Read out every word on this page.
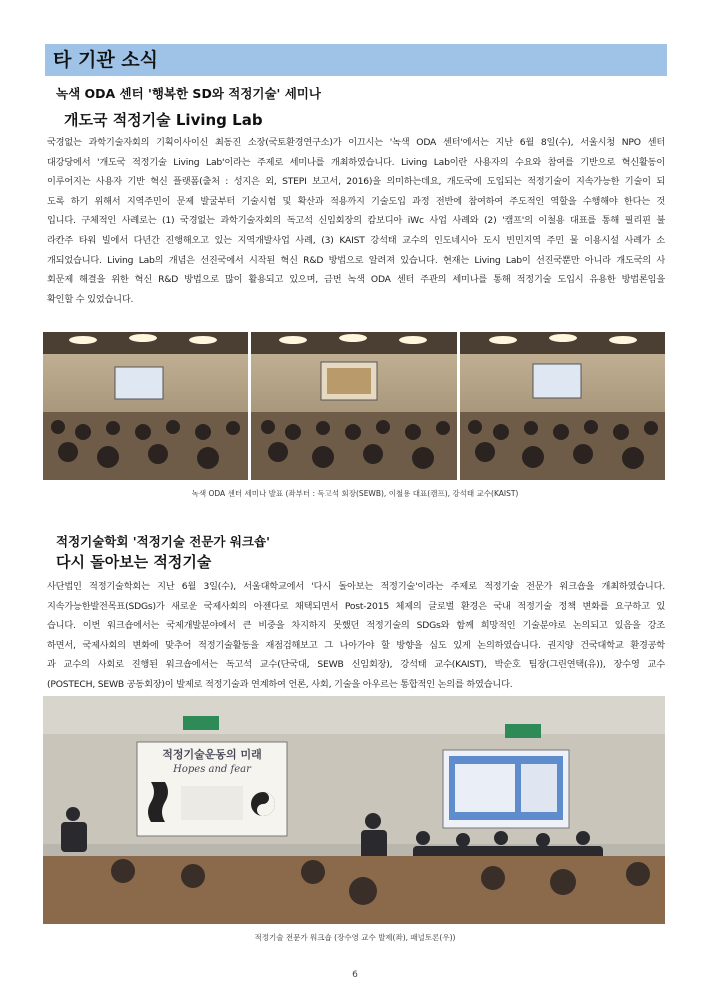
타 기관 소식
녹색 ODA 센터 '행복한 SD와 적정기술' 세미나
개도국 적정기술 Living Lab
국경없는 과학기술자회의 기획이사이신 최동진 소장(국토환경연구소)가 이끄시는 '녹색 ODA 센터'에서는 지난 6월 8일(수), 서울시청 NPO 센터
대강당에서 '개도국 적정기술 Living Lab'이라는 주제로 세미나를 개최하였습니다. Living Lab이란 사용자의 수요와 참여를 기반으로 혁신활동이
이루어지는 사용자 기반 혁신 플랫폼(출처 : 성지은 외, STEPI 보고서, 2016)을 의미하는데요, 개도국에 도입되는 적정기술이 지속가능한 기술이 되
도록 하기 위해서 지역주민이 문제 발굴부터 기술시험 및 확산과 적용까지 기술도입 과정 전반에 참여하여 주도적인 역할을 수행해야 한다는 것
입니다. 구체적인 사례로는 (1) 국경없는 과학기술자회의 독고석 신임회장의 캄보디아 iWc 사업 사례와 (2) '캠프'의 이철용 대표를 통해 필리핀 불
라칸주 타워 빌에서 다년간 진행해오고 있는 지역개발사업 사례, (3) KAIST 강석태 교수의 인도네시아 도시 빈민지역 주민 물 이용시설 사례가 소
개되었습니다. Living Lab의 개념은 선진국에서 시작된 혁신 R&D 방법으로 알려져 있습니다. 현재는 Living Lab이 선진국뿐만 아니라 개도국의 사
회문제 해결을 위한 혁신 R&D 방법으로 많이 활용되고 있으며, 금번 녹색 ODA 센터 주관의 세미나를 통해 적정기술 도입시 유용한 방법론임을
확인할 수 있었습니다.
녹색 ODA 센터 세미나 발표 (좌부터 : 독고석 회장(SEWB), 이철용 대표(캠프), 강석태 교수(KAIST)
적정기술학회 '적정기술 전문가 워크숍'
다시 돌아보는 적정기술
사단법인 적정기술학회는 지난 6월 3일(수), 서울대학교에서 '다시 돌아보는 적정기술'이라는 주제로 적정기술 전문가 워크숍을 개최하였습니다.
지속가능한발전목표(SDGs)가 새로운 국제사회의 아젠다로 채택되면서 Post-2015 체제의 글로벌 환경은 국내 적정기술 정책 변화를 요구하고 있
습니다. 이번 워크숍에서는 국제개발분야에서 큰 비중을 차지하지 못했던 적정기술의 SDGs와 함께 희망적인 기술분야로 논의되고 있음을 강조
하면서, 국제사회의 변화에 맞추어 적정기술활동을 재점검해보고 그 나아가야 할 방향을 심도 있게 논의하였습니다. 권지양 건국대학교 환경공학
과 교수의 사회로 진행된 워크숍에서는 독고석 교수(단국대, SEWB 신임회장), 강석태 교수(KAIST), 박순호 팀장(그린연택(유)), 장수영 교수
(POSTECH, SEWB 공동회장)이 발제로 적정기술과 연계하여 언론, 사회, 기술을 아우르는 통합적인 논의를 하였습니다.
적정기술운동의 미래
Hopes and fear
적정기술 전문가 워크숍 (장수영 교수 발제(좌), 패널토론(우))
6
